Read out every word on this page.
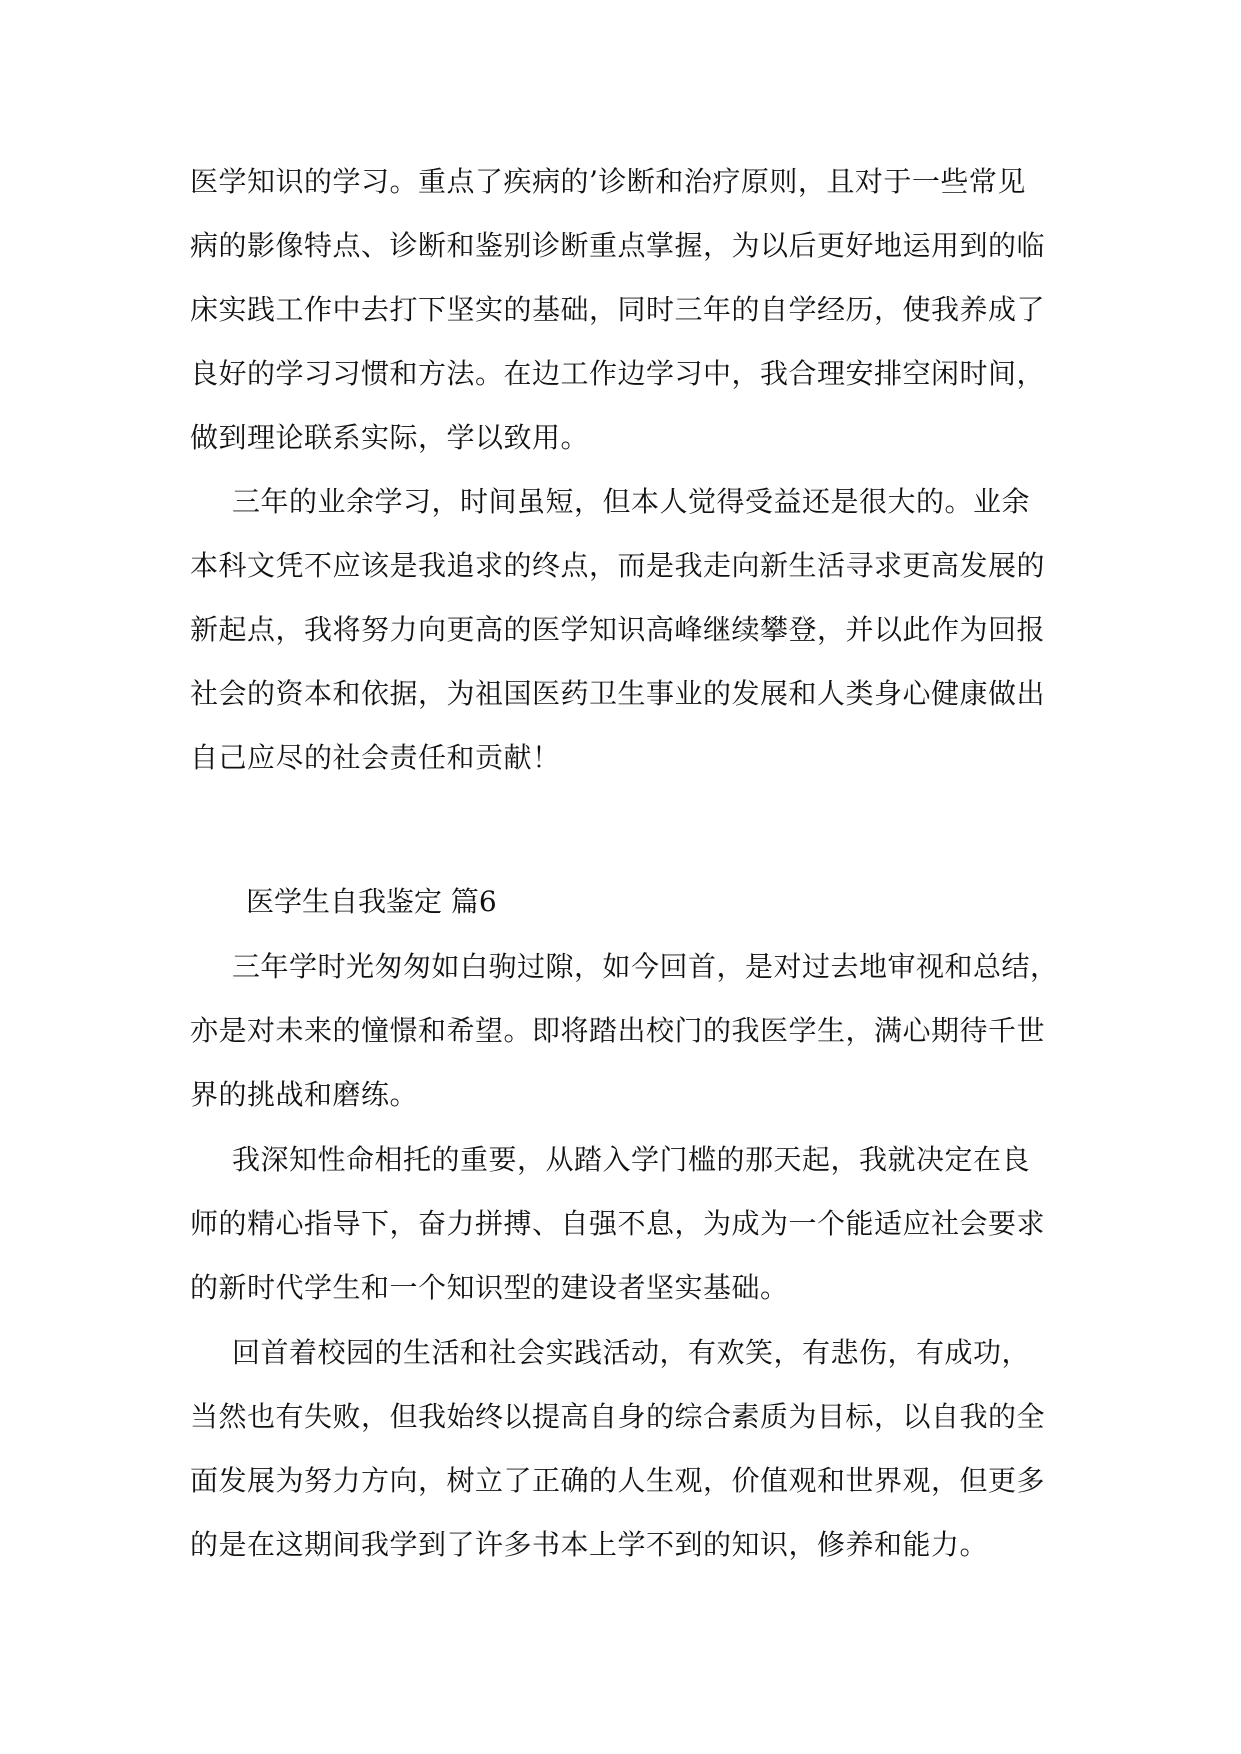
医学知识的学习。重点了疾病的’诊断和治疗原则，且对于一些常见
病的影像特点、诊断和鉴别诊断重点掌握，为以后更好地运用到的临
床实践工作中去打下坚实的基础，同时三年的自学经历，使我养成了
良好的学习习惯和方法。在边工作边学习中，我合理安排空闲时间，
做到理论联系实际，学以致用。
三年的业余学习，时间虽短，但本人觉得受益还是很大的。业余
本科文凭不应该是我追求的终点，而是我走向新生活寻求更高发展的
新起点，我将努力向更高的医学知识高峰继续攀登，并以此作为回报
社会的资本和依据，为祖国医药卫生事业的发展和人类身心健康做出
自己应尽的社会责任和贡献！
医学生自我鉴定 篇6
三年学时光匆匆如白驹过隙，如今回首，是对过去地审视和总结，
亦是对未来的憧憬和希望。即将踏出校门的我医学生，满心期待千世
界的挑战和磨练。
我深知性命相托的重要，从踏入学门槛的那天起，我就决定在良
师的精心指导下，奋力拼搏、自强不息，为成为一个能适应社会要求
的新时代学生和一个知识型的建设者坚实基础。
回首着校园的生活和社会实践活动，有欢笑，有悲伤，有成功，
当然也有失败，但我始终以提高自身的综合素质为目标，以自我的全
面发展为努力方向，树立了正确的人生观，价值观和世界观，但更多
的是在这期间我学到了许多书本上学不到的知识，修养和能力。
